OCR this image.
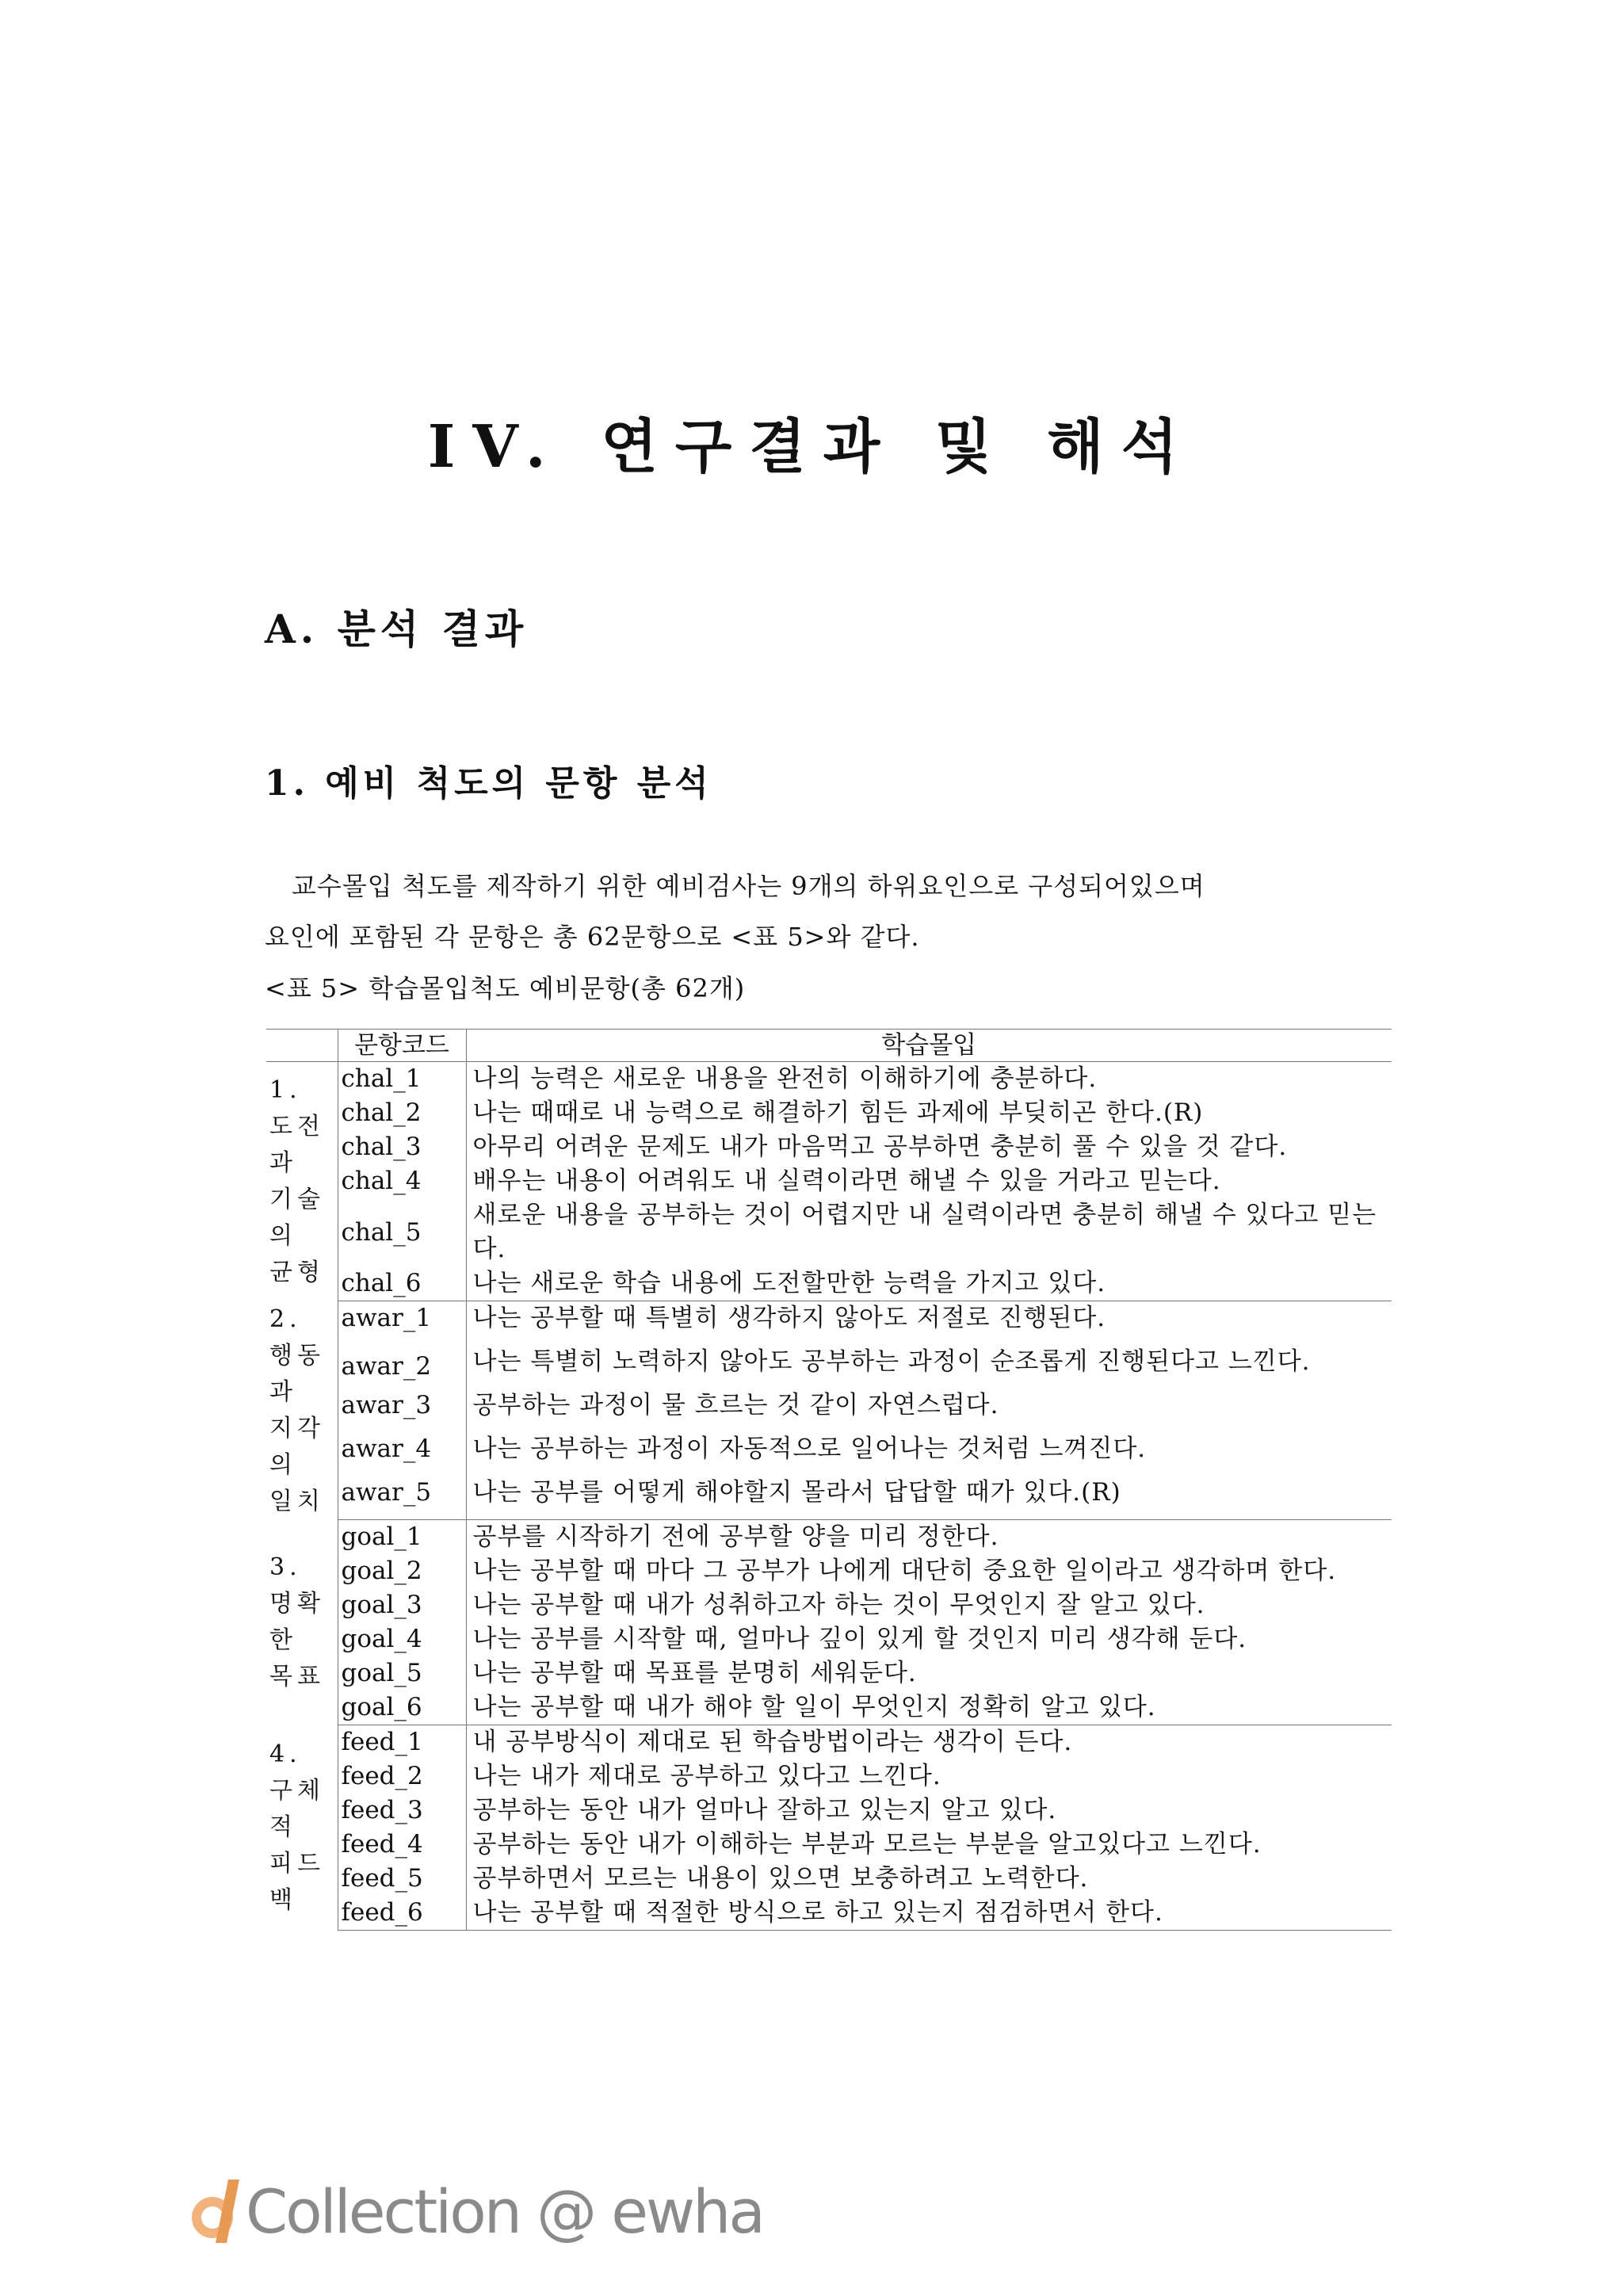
IV. 연구결과 및 해석
A. 분석 결과
1. 예비 척도의 문항 분석

교수몰입 척도를 제작하기 위한 예비검사는 9개의 하위요인으로 구성되어있으며

요인에 포함된 각 문항은 총 62문항으로 <표 5>와 같다.

<표 5> 학습몰입척도 예비문항(총 62개)
	문항코드	학습몰입
1. 도전과 기술의 균형	chal_1	나의 능력은 새로운 내용을 완전히 이해하기에 충분하다.
	chal_2	나는 때때로 내 능력으로 해결하기 힘든 과제에 부딪히곤 한다.(R)
	chal_3	아무리 어려운 문제도 내가 마음먹고 공부하면 충분히 풀 수 있을 것 같다.
	chal_4	배우는 내용이 어려워도 내 실력이라면 해낼 수 있을 거라고 믿는다.
	chal_5	새로운 내용을 공부하는 것이 어렵지만 내 실력이라면 충분히 해낼 수 있다고 믿는다.
	chal_6	나는 새로운 학습 내용에 도전할만한 능력을 가지고 있다.
2. 행동과 지각의 일치	awar_1	나는 공부할 때 특별히 생각하지 않아도 저절로 진행된다.
	awar_2	나는 특별히 노력하지 않아도 공부하는 과정이 순조롭게 진행된다고 느낀다.
	awar_3	공부하는 과정이 물 흐르는 것 같이 자연스럽다.
	awar_4	나는 공부하는 과정이 자동적으로 일어나는 것처럼 느껴진다.
	awar_5	나는 공부를 어떻게 해야할지 몰라서 답답할 때가 있다.(R)
3. 명확한 목표	goal_1	공부를 시작하기 전에 공부할 양을 미리 정한다.
	goal_2	나는 공부할 때 마다 그 공부가 나에게 대단히 중요한 일이라고 생각하며 한다.
	goal_3	나는 공부할 때 내가 성취하고자 하는 것이 무엇인지 잘 알고 있다.
	goal_4	나는 공부를 시작할 때, 얼마나 깊이 있게 할 것인지 미리 생각해 둔다.
	goal_5	나는 공부할 때 목표를 분명히 세워둔다.
	goal_6	나는 공부할 때 내가 해야 할 일이 무엇인지 정확히 알고 있다.
4. 구체적 피드백	feed_1	내 공부방식이 제대로 된 학습방법이라는 생각이 든다.
	feed_2	나는 내가 제대로 공부하고 있다고 느낀다.
	feed_3	공부하는 동안 내가 얼마나 잘하고 있는지 알고 있다.
	feed_4	공부하는 동안 내가 이해하는 부분과 모르는 부분을 알고있다고 느낀다.
	feed_5	공부하면서 모르는 내용이 있으면 보충하려고 노력한다.
	feed_6	나는 공부할 때 적절한 방식으로 하고 있는지 점검하면서 한다.
Collection @ ewha
